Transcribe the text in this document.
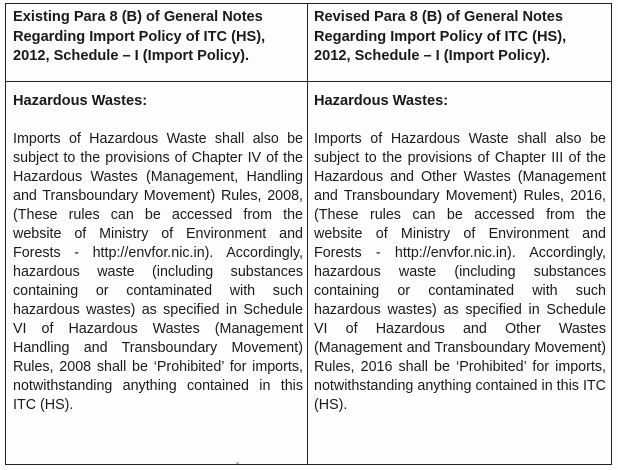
Existing Para 8 (B) of General Notes Regarding Import Policy of ITC (HS), 2012, Schedule – I (Import Policy).

Revised Para 8 (B) of General Notes Regarding Import Policy of ITC (HS), 2012, Schedule – I (Import Policy).

Hazardous Wastes:

Imports of Hazardous Waste shall also be subject to the provisions of Chapter IV of the Hazardous Wastes (Management, Handling and Transboundary Movement) Rules, 2008, (These rules can be accessed from the website of Ministry of Environment and Forests - http://envfor.nic.in). Accordingly, hazardous waste (including substances containing or contaminated with such hazardous wastes) as specified in Schedule VI of Hazardous Wastes (Management Handling and Transboundary Movement) Rules, 2008 shall be ‘Prohibited’ for imports, notwithstanding anything contained in this ITC (HS).

Hazardous Wastes:

Imports of Hazardous Waste shall also be subject to the provisions of Chapter III of the Hazardous and Other Wastes (Management and Transboundary Movement) Rules, 2016, (These rules can be accessed from the website of Ministry of Environment and Forests - http://envfor.nic.in). Accordingly, hazardous waste (including substances containing or contaminated with such hazardous wastes) as specified in Schedule VI of Hazardous and Other Wastes (Management and Transboundary Movement) Rules, 2016 shall be ‘Prohibited’ for imports, notwithstanding anything contained in this ITC (HS).
